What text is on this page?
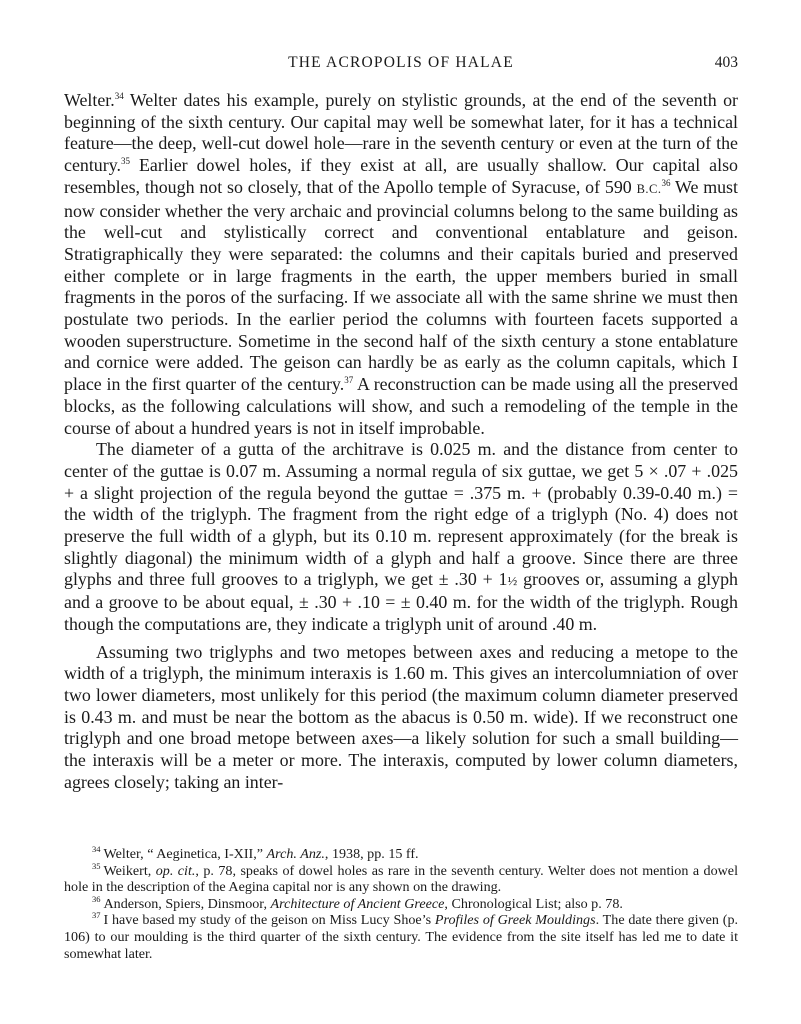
THE ACROPOLIS OF HALAE	403

Welter.$^{34}$ Welter dates his example, purely on stylistic grounds, at the end of the seventh or beginning of the sixth century. Our capital may well be somewhat later, for it has a technical feature—the deep, well-cut dowel hole—rare in the seventh century or even at the turn of the century.$^{35}$ Earlier dowel holes, if they exist at all, are usually shallow. Our capital also resembles, though not so closely, that of the Apollo temple of Syracuse, of 590 B.C.$^{36}$ We must now consider whether the very archaic and provincial columns belong to the same building as the well-cut and stylistically correct and conventional entablature and geison. Stratigraphically they were separated: the columns and their capitals buried and preserved either complete or in large fragments in the earth, the upper members buried in small fragments in the poros of the surfacing. If we associate all with the same shrine we must then postulate two periods. In the earlier period the columns with fourteen facets supported a wooden superstructure. Sometime in the second half of the sixth century a stone entablature and cornice were added. The geison can hardly be as early as the column capitals, which I place in the first quarter of the century.$^{37}$ A reconstruction can be made using all the preserved blocks, as the following calculations will show, and such a remodeling of the temple in the course of about a hundred years is not in itself improbable.

The diameter of a gutta of the architrave is 0.025 m. and the distance from center to center of the guttae is 0.07 m. Assuming a normal regula of six guttae, we get 5 × .07 + .025 + a slight projection of the regula beyond the guttae = .375 m. + (probably 0.39-0.40 m.) = the width of the triglyph. The fragment from the right edge of a triglyph (No. 4) does not preserve the full width of a glyph, but its 0.10 m. represent approximately (for the break is slightly diagonal) the minimum width of a glyph and half a groove. Since there are three glyphs and three full grooves to a triglyph, we get ± .30 + 1½ grooves or, assuming a glyph and a groove to be about equal, ± .30 + .10 = ± 0.40 m. for the width of the triglyph. Rough though the computations are, they indicate a triglyph unit of around .40 m.

Assuming two triglyphs and two metopes between axes and reducing a metope to the width of a triglyph, the minimum interaxis is 1.60 m. This gives an intercolumniation of over two lower diameters, most unlikely for this period (the maximum column diameter preserved is 0.43 m. and must be near the bottom as the abacus is 0.50 m. wide). If we reconstruct one triglyph and one broad metope between axes—a likely solution for such a small building—the interaxis will be a meter or more. The interaxis, computed by lower column diameters, agrees closely; taking an inter-

$^{34}$ Welter, “ Aeginetica, I-XII,” Arch. Anz., 1938, pp. 15 ff.

$^{35}$ Weikert, op. cit., p. 78, speaks of dowel holes as rare in the seventh century. Welter does not mention a dowel hole in the description of the Aegina capital nor is any shown on the drawing.

$^{36}$ Anderson, Spiers, Dinsmoor, Architecture of Ancient Greece, Chronological List; also p. 78.

$^{37}$ I have based my study of the geison on Miss Lucy Shoe’s Profiles of Greek Mouldings. The date there given (p. 106) to our moulding is the third quarter of the sixth century. The evidence from the site itself has led me to date it somewhat later.
